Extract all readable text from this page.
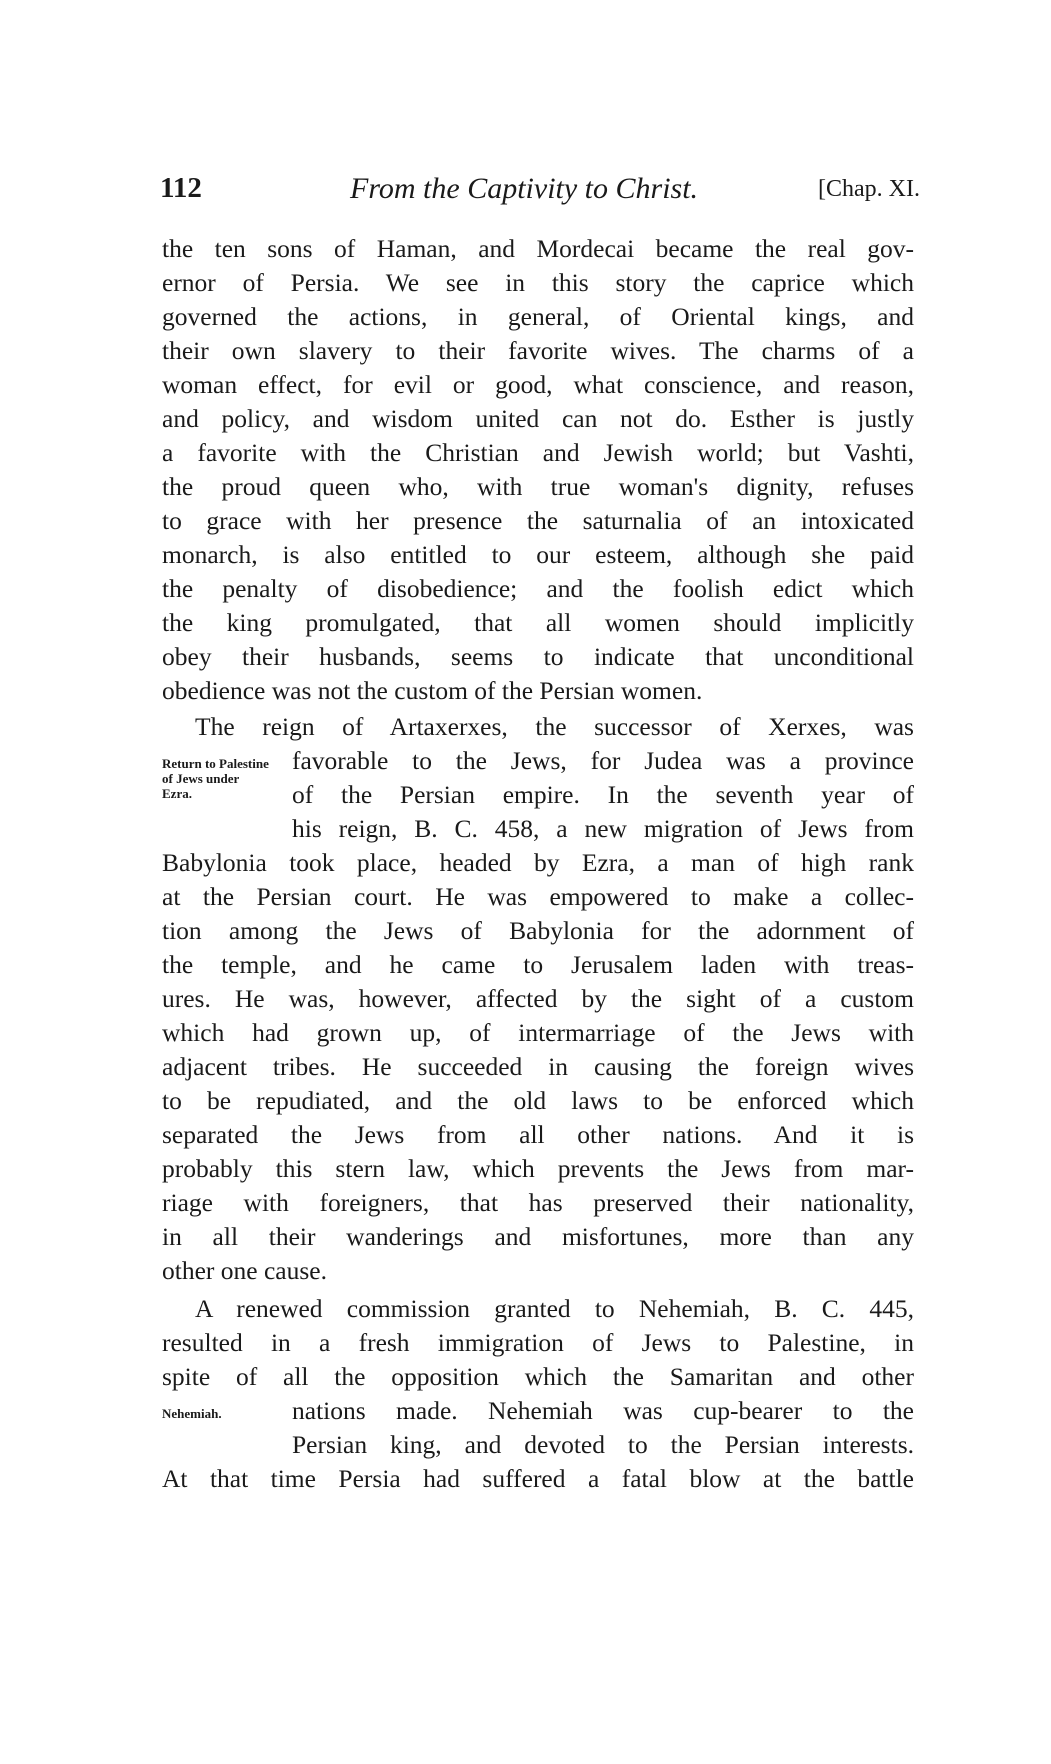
112	From the Captivity to Christ.	[Chap. XI.
the ten sons of Haman, and Mordecai became the real gov-
ernor of Persia. We see in this story the caprice which
governed the actions, in general, of Oriental kings, and
their own slavery to their favorite wives. The charms of a
woman effect, for evil or good, what conscience, and reason,
and policy, and wisdom united can not do. Esther is justly
a favorite with the Christian and Jewish world; but Vashti,
the proud queen who, with true woman's dignity, refuses
to grace with her presence the saturnalia of an intoxicated
monarch, is also entitled to our esteem, although she paid
the penalty of disobedience; and the foolish edict which
the king promulgated, that all women should implicitly
obey their husbands, seems to indicate that unconditional
obedience was not the custom of the Persian women.
The reign of Artaxerxes, the successor of Xerxes, was
Return to Palestine of Jews under Ezra.
favorable to the Jews, for Judea was a province
of the Persian empire. In the seventh year of
his reign, B. C. 458, a new migration of Jews from
Babylonia took place, headed by Ezra, a man of high rank
at the Persian court. He was empowered to make a collec-
tion among the Jews of Babylonia for the adornment of
the temple, and he came to Jerusalem laden with treas-
ures. He was, however, affected by the sight of a custom
which had grown up, of intermarriage of the Jews with
adjacent tribes. He succeeded in causing the foreign wives
to be repudiated, and the old laws to be enforced which
separated the Jews from all other nations. And it is
probably this stern law, which prevents the Jews from mar-
riage with foreigners, that has preserved their nationality,
in all their wanderings and misfortunes, more than any
other one cause.
A renewed commission granted to Nehemiah, B. C. 445,
resulted in a fresh immigration of Jews to Palestine, in
spite of all the opposition which the Samaritan and other
Nehemiah.	nations made. Nehemiah was cup-bearer to the
Persian king, and devoted to the Persian interests.
At that time Persia had suffered a fatal blow at the battle
